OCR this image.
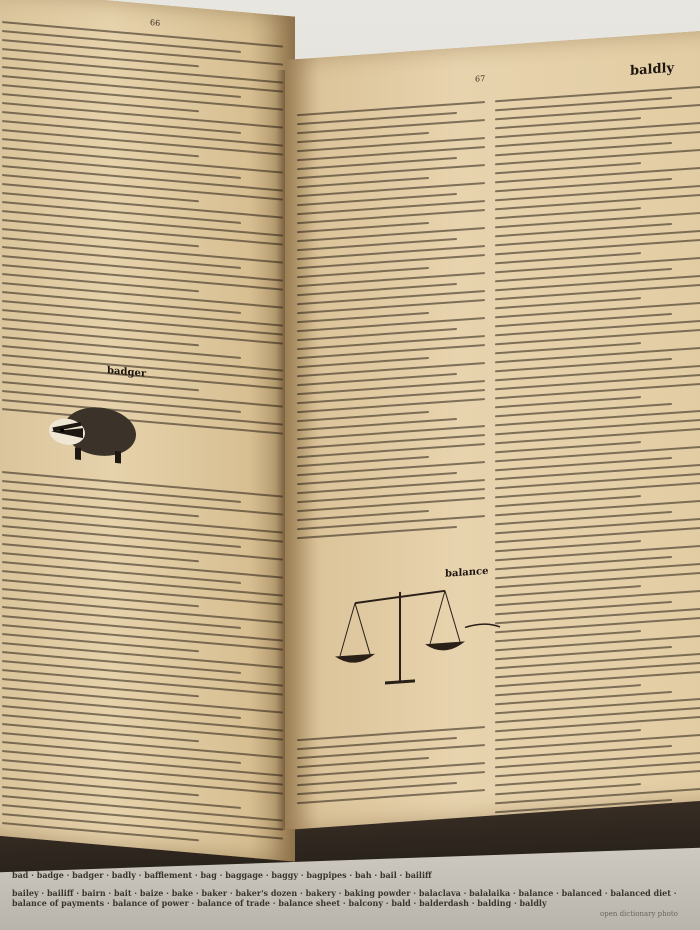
66
badger
67	baldly
balance
bad · badge · badger · badly · bafflement · bag · baggage · baggy · bagpipes · bah · bail · bailiff
bailey · bailiff · bairn · bait · baize · bake · baker · baker's dozen · bakery · baking powder · balaclava · balalaika · balance · balanced · balanced diet · balance of payments · balance of power · balance of trade · balance sheet · balcony · bald · balderdash · balding · baldly
open dictionary photo
